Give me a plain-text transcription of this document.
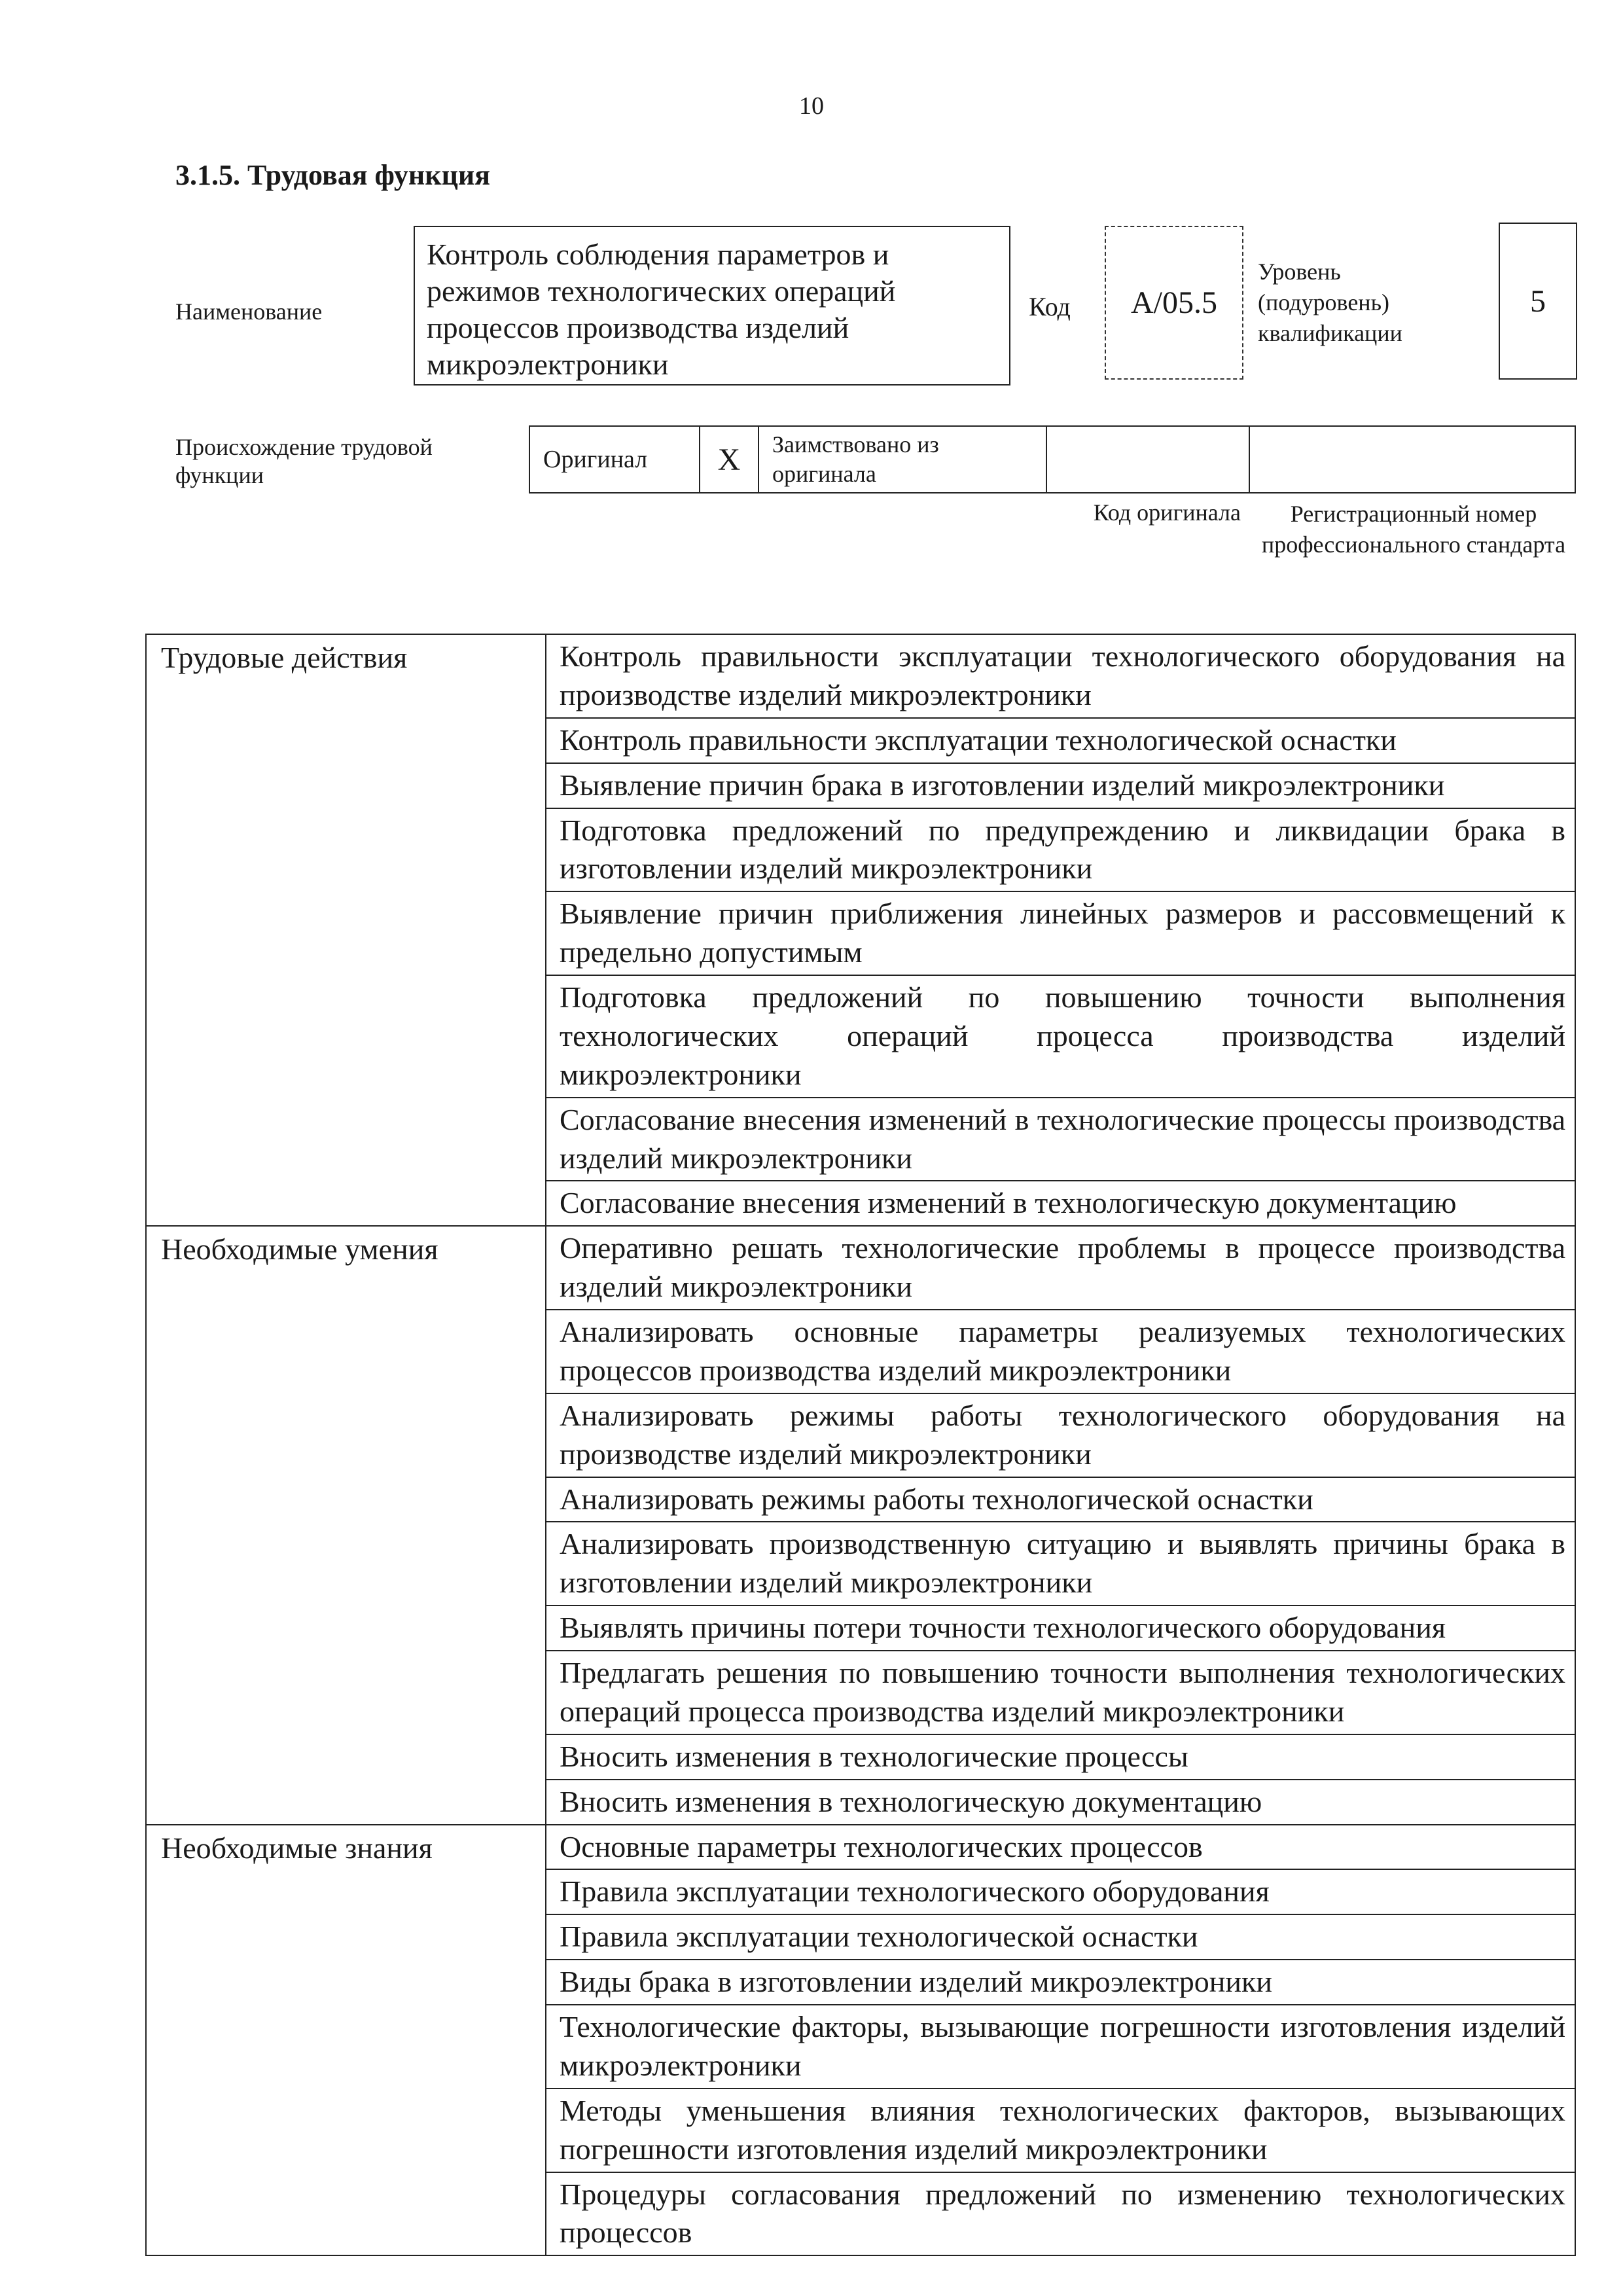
10
3.1.5. Трудовая функция
Наименование
Контроль соблюдения параметров и режимов технологических операций процессов производства изделий микроэлектроники
Код	A/05.5
Уровень (подуровень) квалификации
5
Происхождение трудовой функции
Оригинал	X	Заимствовано из оригинала
Код оригинала	Регистрационный номер профессионального стандарта
Трудовые действия	Контроль правильности эксплуатации технологического оборудования на производстве изделий микроэлектроники
	Контроль правильности эксплуатации технологической оснастки
	Выявление причин брака в изготовлении изделий микроэлектроники
	Подготовка предложений по предупреждению и ликвидации брака в изготовлении изделий микроэлектроники
	Выявление причин приближения линейных размеров и рассовмещений к предельно допустимым
	Подготовка предложений по повышению точности выполнения технологических операций процесса производства изделий микроэлектроники
	Согласование внесения изменений в технологические процессы производства изделий микроэлектроники
	Согласование внесения изменений в технологическую документацию
Необходимые умения	Оперативно решать технологические проблемы в процессе производства изделий микроэлектроники
	Анализировать основные параметры реализуемых технологических процессов производства изделий микроэлектроники
	Анализировать режимы работы технологического оборудования на производстве изделий микроэлектроники
	Анализировать режимы работы технологической оснастки
	Анализировать производственную ситуацию и выявлять причины брака в изготовлении изделий микроэлектроники
	Выявлять причины потери точности технологического оборудования
	Предлагать решения по повышению точности выполнения технологических операций процесса производства изделий микроэлектроники
	Вносить изменения в технологические процессы
	Вносить изменения в технологическую документацию
Необходимые знания	Основные параметры технологических процессов
	Правила эксплуатации технологического оборудования
	Правила эксплуатации технологической оснастки
	Виды брака в изготовлении изделий микроэлектроники
	Технологические факторы, вызывающие погрешности изготовления изделий микроэлектроники
	Методы уменьшения влияния технологических факторов, вызывающих погрешности изготовления изделий микроэлектроники
	Процедуры согласования предложений по изменению технологических процессов
